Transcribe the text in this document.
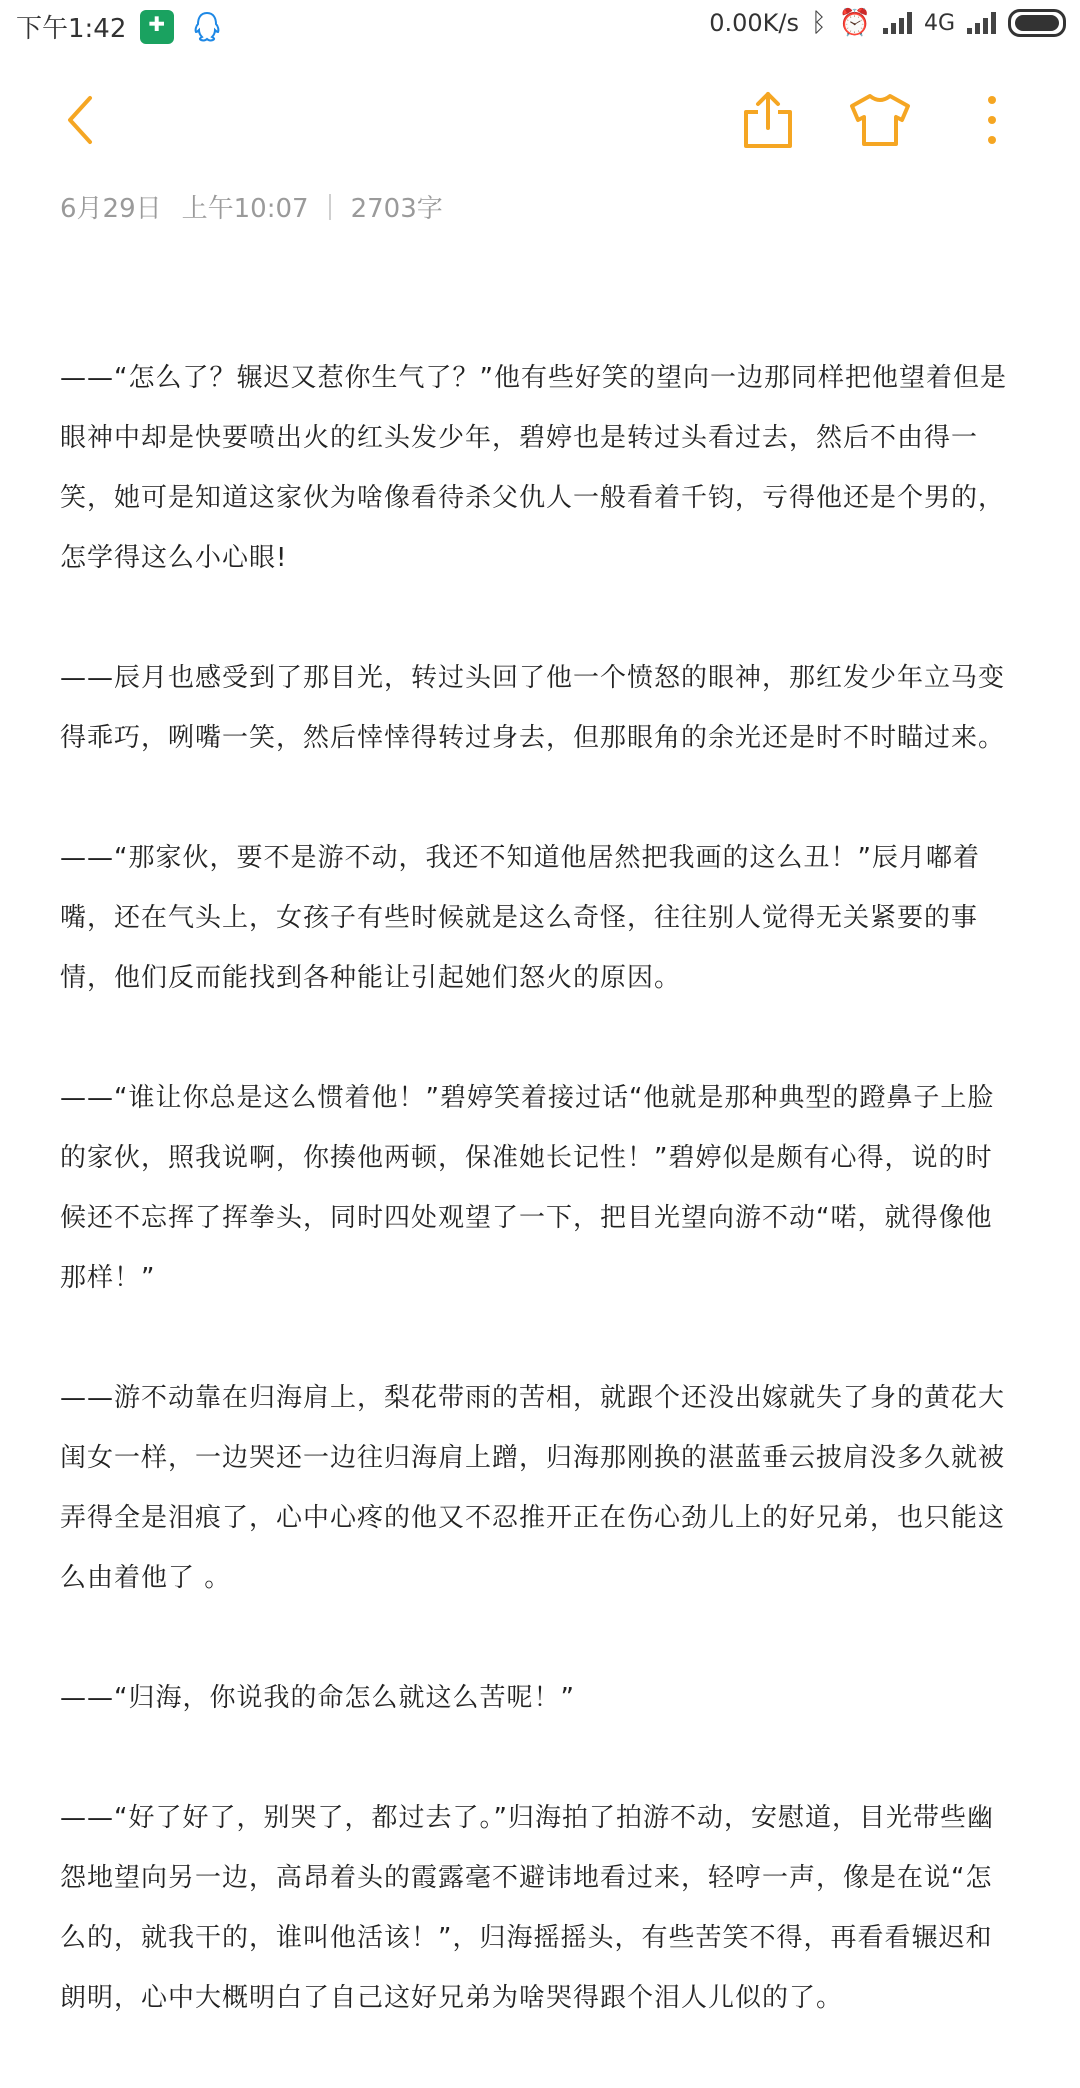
下午1:42
✚	0.00K/s ᛒ ⏰ 4G
6月29日 上午10:07 2703字

——“怎么了？辗迟又惹你生气了？”他有些好笑的望向一边那同样把他望着但是眼神中却是快要喷出火的红头发少年，碧婷也是转过头看过去，然后不由得一笑，她可是知道这家伙为啥像看待杀父仇人一般看着千钧，亏得他还是个男的，怎学得这么小心眼!

——辰月也感受到了那目光，转过头回了他一个愤怒的眼神，那红发少年立马变得乖巧，咧嘴一笑，然后悻悻得转过身去，但那眼角的余光还是时不时瞄过来。

——“那家伙，要不是游不动，我还不知道他居然把我画的这么丑！”辰月嘟着嘴，还在气头上，女孩子有些时候就是这么奇怪，往往别人觉得无关紧要的事情，他们反而能找到各种能让引起她们怒火的原因。

——“谁让你总是这么惯着他！”碧婷笑着接过话“他就是那种典型的蹬鼻子上脸的家伙，照我说啊，你揍他两顿，保准她长记性！”碧婷似是颇有心得，说的时候还不忘挥了挥拳头，同时四处观望了一下，把目光望向游不动“喏，就得像他那样！”

——游不动靠在归海肩上，梨花带雨的苦相，就跟个还没出嫁就失了身的黄花大闺女一样，一边哭还一边往归海肩上蹭，归海那刚换的湛蓝垂云披肩没多久就被弄得全是泪痕了，心中心疼的他又不忍推开正在伤心劲儿上的好兄弟，也只能这么由着他了 。

——“归海，你说我的命怎么就这么苦呢！”

——“好了好了，别哭了，都过去了。”归海拍了拍游不动，安慰道，目光带些幽怨地望向另一边，高昂着头的霞露毫不避讳地看过来，轻哼一声，像是在说“怎么的，就我干的，谁叫他活该！”，归海摇摇头，有些苦笑不得，再看看辗迟和朗明，心中大概明白了自己这好兄弟为啥哭得跟个泪人儿似的了。
